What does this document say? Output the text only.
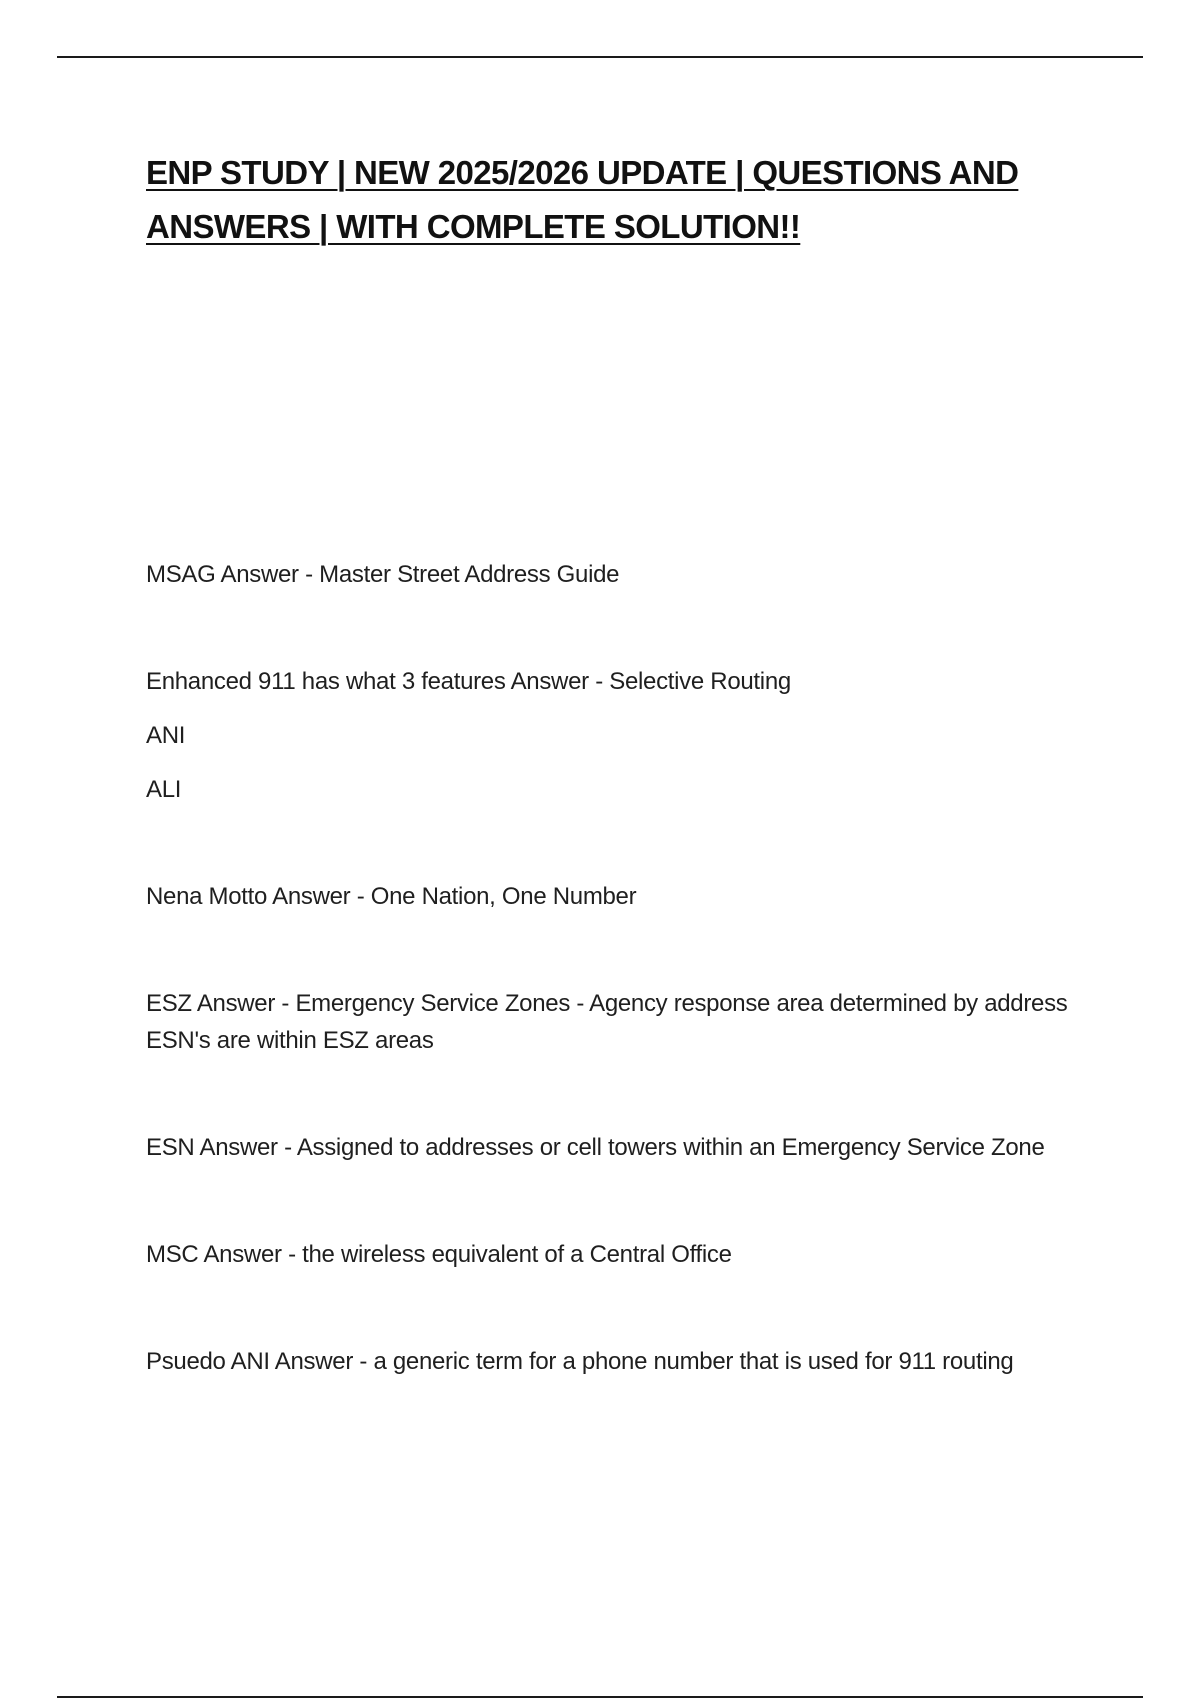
ENP STUDY | NEW 2025/2026 UPDATE | QUESTIONS AND ANSWERS | WITH COMPLETE SOLUTION!!

MSAG Answer - Master Street Address Guide

Enhanced 911 has what 3 features Answer - Selective Routing
ANI
ALI

Nena Motto Answer - One Nation, One Number

ESZ Answer - Emergency Service Zones - Agency response area determined by address ESN's are within ESZ areas

ESN Answer - Assigned to addresses or cell towers within an Emergency Service Zone

MSC Answer - the wireless equivalent of a Central Office

Psuedo ANI Answer - a generic term for a phone number that is used for 911 routing
